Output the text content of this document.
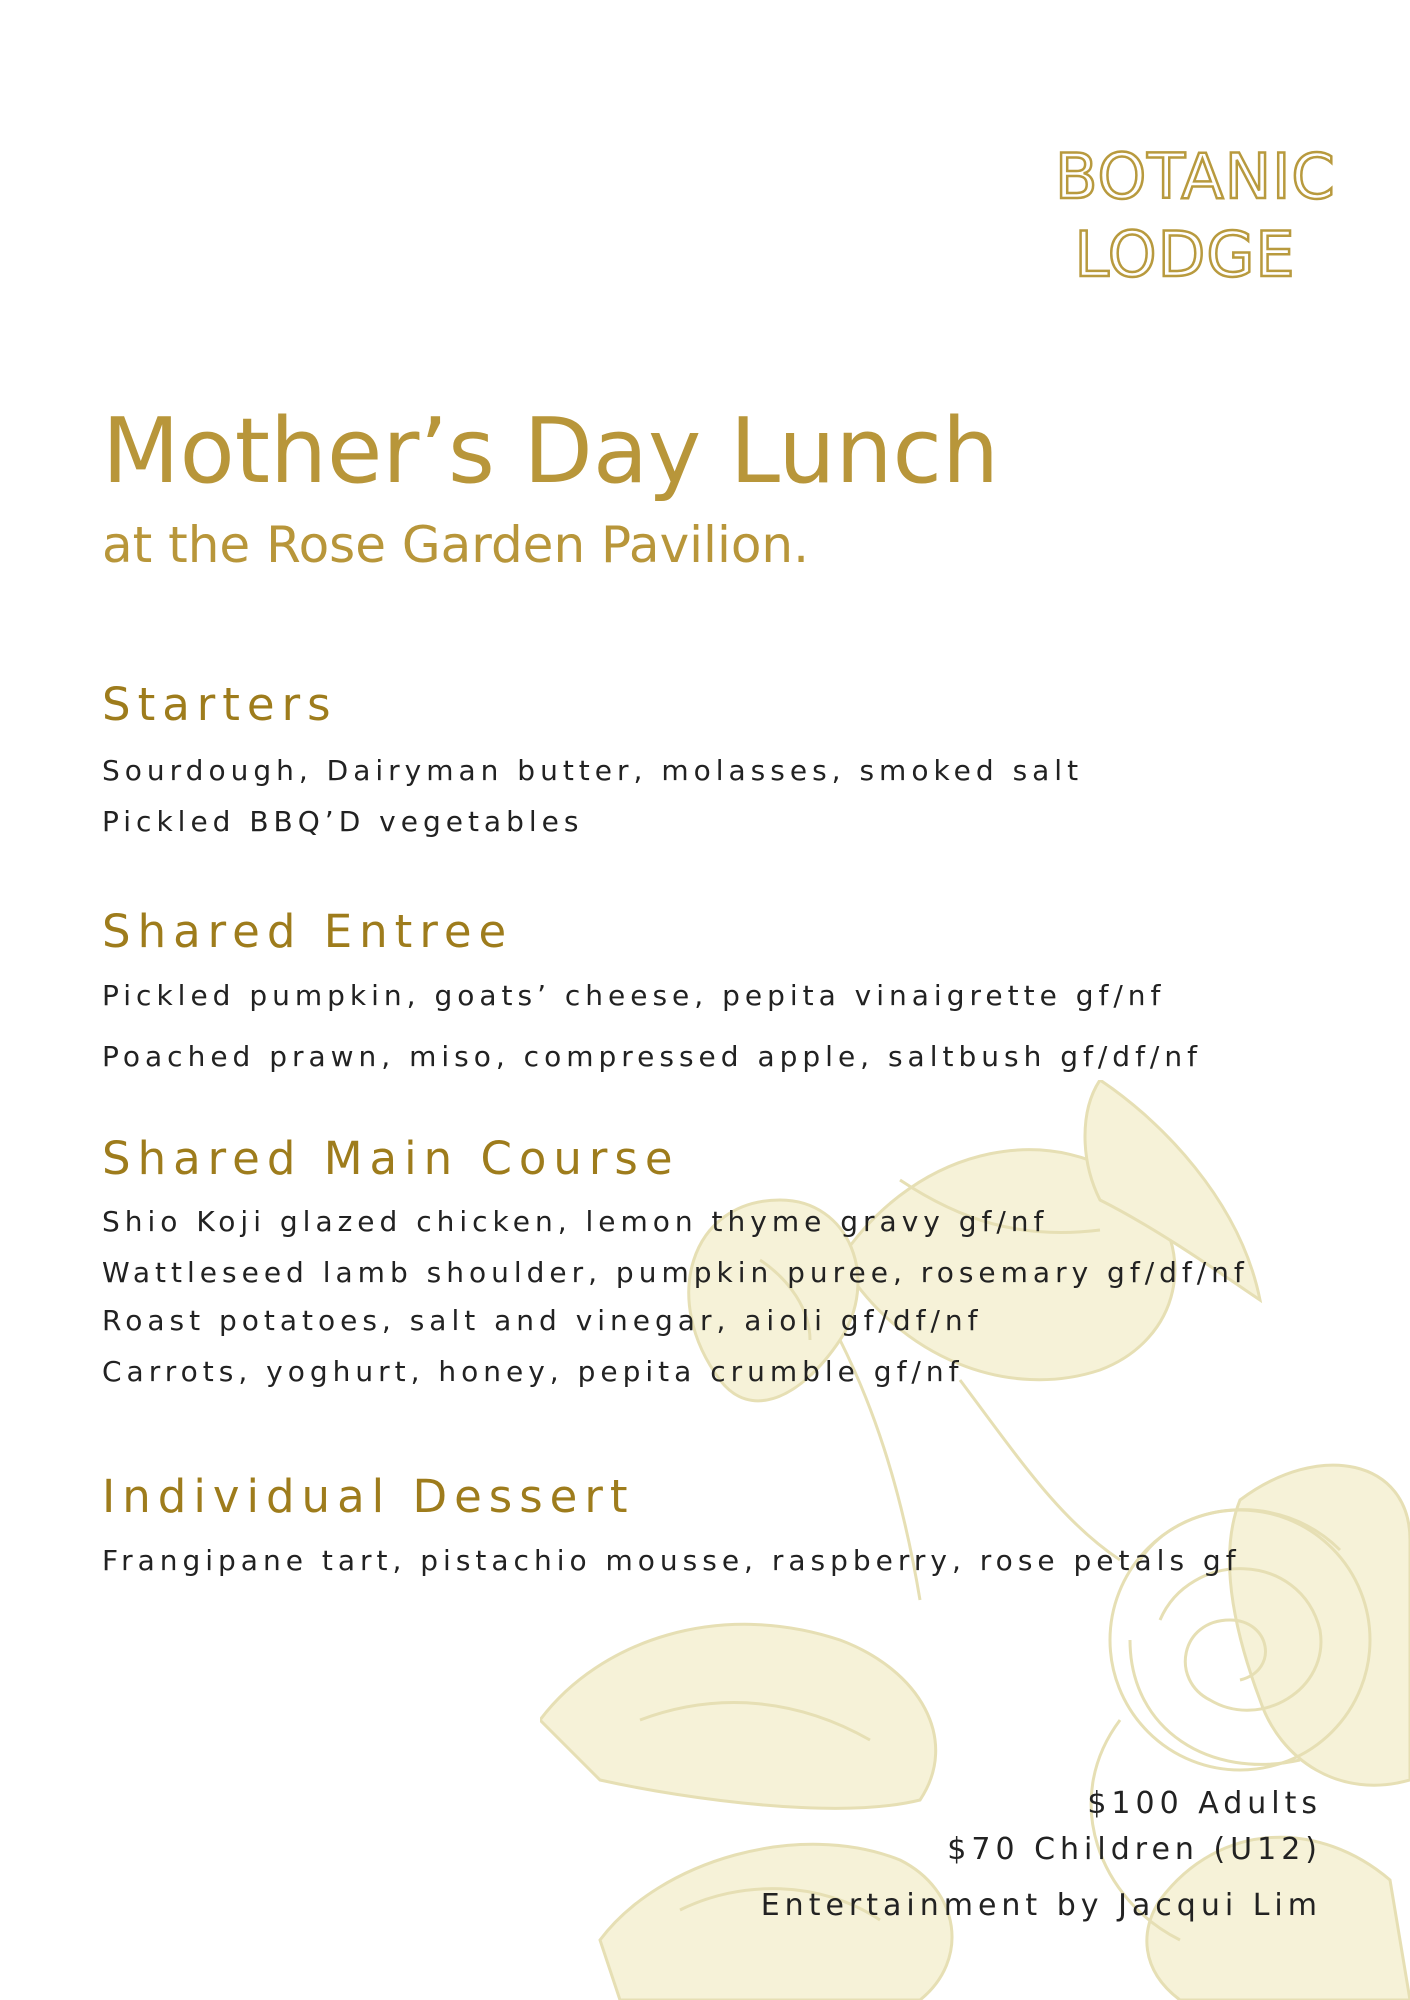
BOTANIC
LODGE
Mother’s Day Lunch
at the Rose Garden Pavilion.
Starters
Sourdough, Dairyman butter, molasses, smoked salt
Pickled BBQ’D vegetables
Shared Entree
Pickled pumpkin, goats’ cheese, pepita vinaigrette gf/nf
Poached prawn, miso, compressed apple, saltbush gf/df/nf
Shared Main Course
Shio Koji glazed chicken, lemon thyme gravy gf/nf
Wattleseed lamb shoulder, pumpkin puree, rosemary gf/df/nf
Roast potatoes, salt and vinegar, aioli gf/df/nf
Carrots, yoghurt, honey, pepita crumble gf/nf
Individual Dessert
Frangipane tart, pistachio mousse, raspberry, rose petals gf
$100 Adults
$70 Children (U12)
Entertainment by Jacqui Lim
